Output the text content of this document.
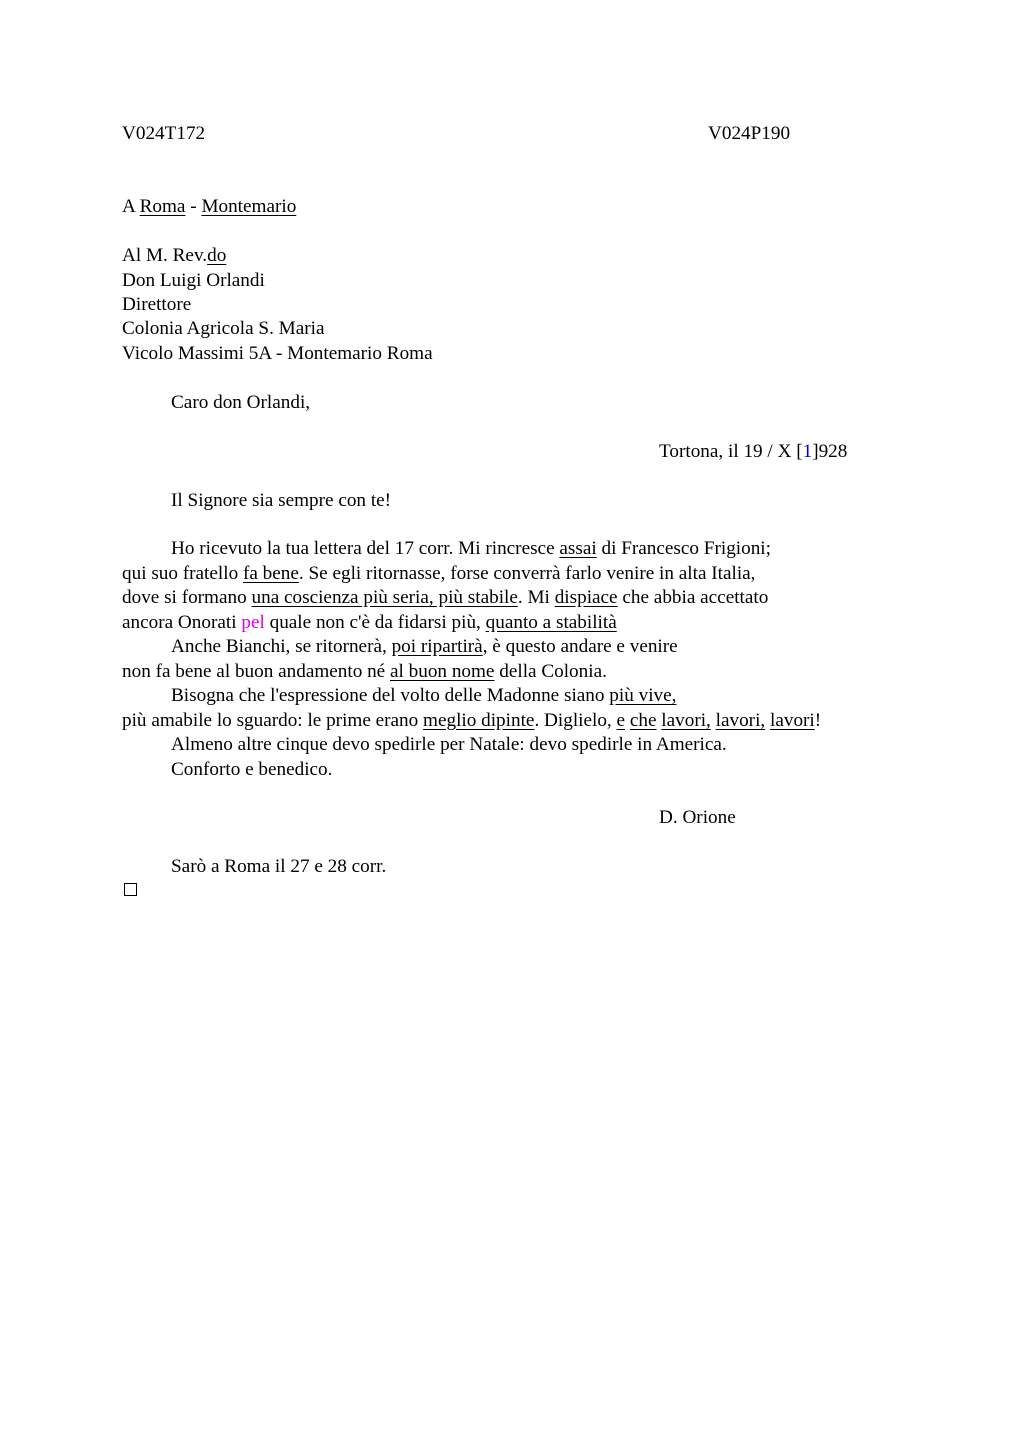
V024T172	V024P190
A Roma - Montemario
Al M. Rev.do
Don Luigi Orlandi
Direttore
Colonia Agricola S. Maria
Vicolo Massimi 5A - Montemario Roma
Caro don Orlandi,
Tortona, il 19 / X [1]928
Il Signore sia sempre con te!
Ho ricevuto la tua lettera del 17 corr. Mi rincresce assai di Francesco Frigioni;
qui suo fratello fa bene. Se egli ritornasse, forse converrà farlo venire in alta Italia,
dove si formano una coscienza più seria, più stabile. Mi dispiace che abbia accettato
ancora Onorati pel quale non c'è da fidarsi più, quanto a stabilità
Anche Bianchi, se ritornerà, poi ripartirà, è questo andare e venire
non fa bene al buon andamento né al buon nome della Colonia.
Bisogna che l'espressione del volto delle Madonne siano più vive,
più amabile lo sguardo: le prime erano meglio dipinte. Diglielo, e che lavori, lavori, lavori!
Almeno altre cinque devo spedirle per Natale: devo spedirle in America.
Conforto e benedico.
D. Orione
Sarò a Roma il 27 e 28 corr.
